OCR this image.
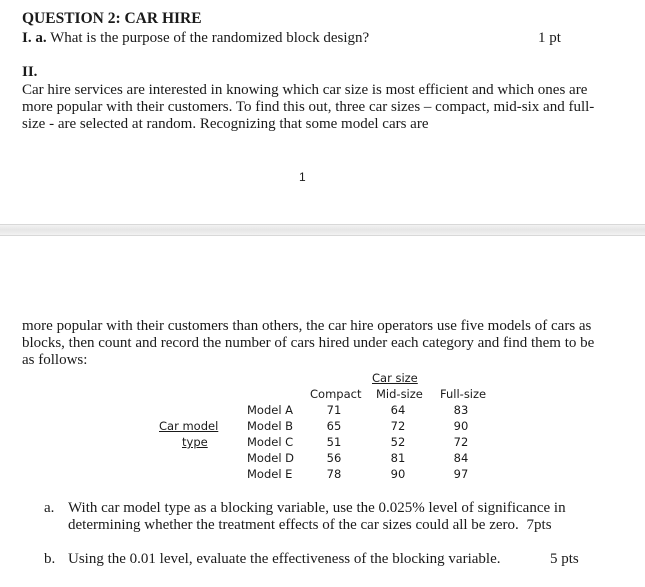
QUESTION 2: CAR HIRE
I. a. What is the purpose of the randomized block design?	1 pt
II.
Car hire services are interested in knowing which car size is most efficient and which ones are more popular with their customers. To find this out, three car sizes – compact, mid-six and full-size - are selected at random. Recognizing that some model cars are
1
more popular with their customers than others, the car hire operators use five models of cars as blocks, then count and record the number of cars hired under each category and find them to be as follows:
Car size
Compact Mid-size Full-size
Car model
type
Model A	71	64	83
Model B	65	72	90
Model C	51	52	72
Model D	56	81	84
Model E	78	90	97
a. With car model type as a blocking variable, use the 0.025% level of significance in determining whether the treatment effects of the car sizes could all be zero. 7pts
b. Using the 0.01 level, evaluate the effectiveness of the blocking variable.	5 pts
